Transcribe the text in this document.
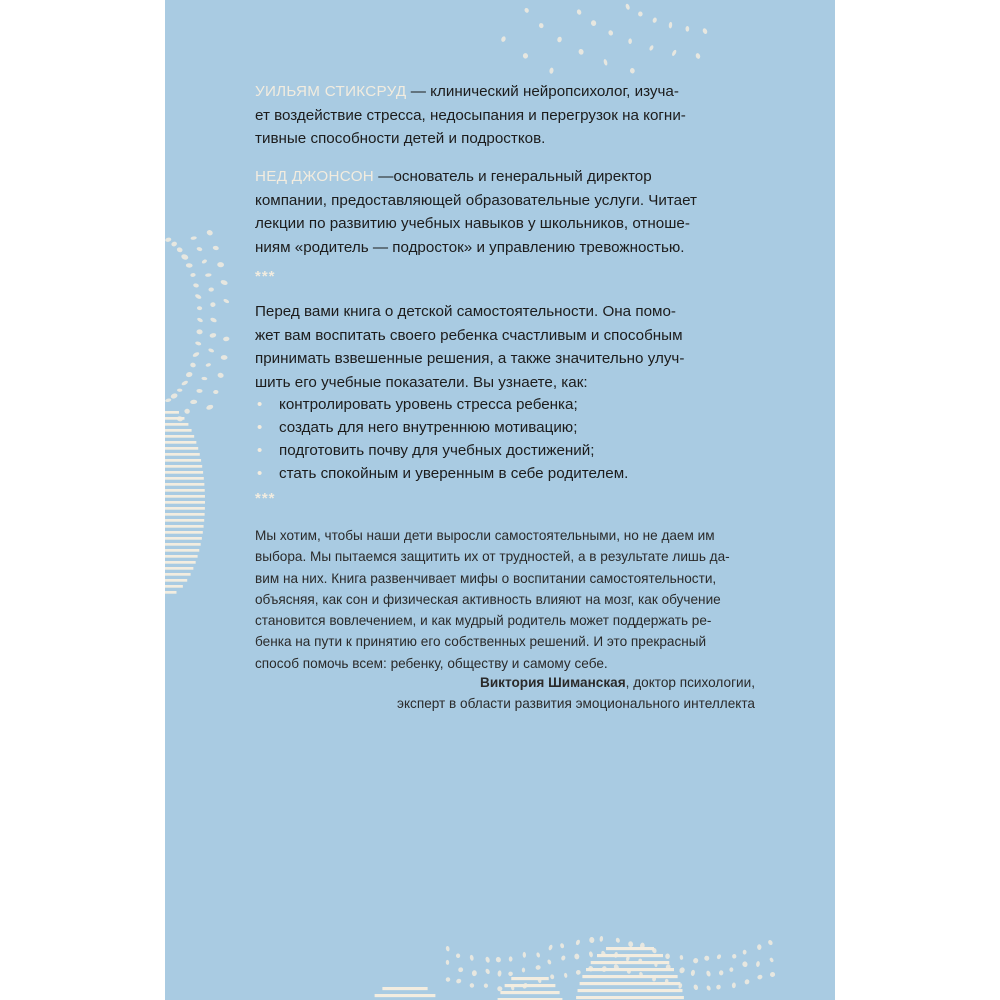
УИЛЬЯМ СТИКСРУД — клинический нейропсихолог, изуча-
ет воздействие стресса, недосыпания и перегрузок на когни-
тивные способности детей и подростков.

НЕД ДЖОНСОН —основатель и генеральный директор
компании, предоставляющей образовательные услуги. Читает
лекции по развитию учебных навыков у школьников, отноше-
ниям «родитель — подросток» и управлению тревожностью.

***

Перед вами книга о детской самостоятельности. Она помо-
жет вам воспитать своего ребенка счастливым и способным
принимать взвешенные решения, а также значительно улуч-
шить его учебные показатели. Вы узнаете, как:

• контролировать уровень стресса ребенка;
• создать для него внутреннюю мотивацию;
• подготовить почву для учебных достижений;
• стать спокойным и уверенным в себе родителем.
***

Мы хотим, чтобы наши дети выросли самостоятельными, но не даем им
выбора. Мы пытаемся защитить их от трудностей, а в результате лишь да-
вим на них. Книга развенчивает мифы о воспитании самостоятельности,
объясняя, как сон и физическая активность влияют на мозг, как обучение
становится вовлечением, и как мудрый родитель может поддержать ре-
бенка на пути к принятию его собственных решений. И это прекрасный
способ помочь всем: ребенку, обществу и самому себе.

Виктория Шиманская, доктор психологии,
эксперт в области развития эмоционального интеллекта
